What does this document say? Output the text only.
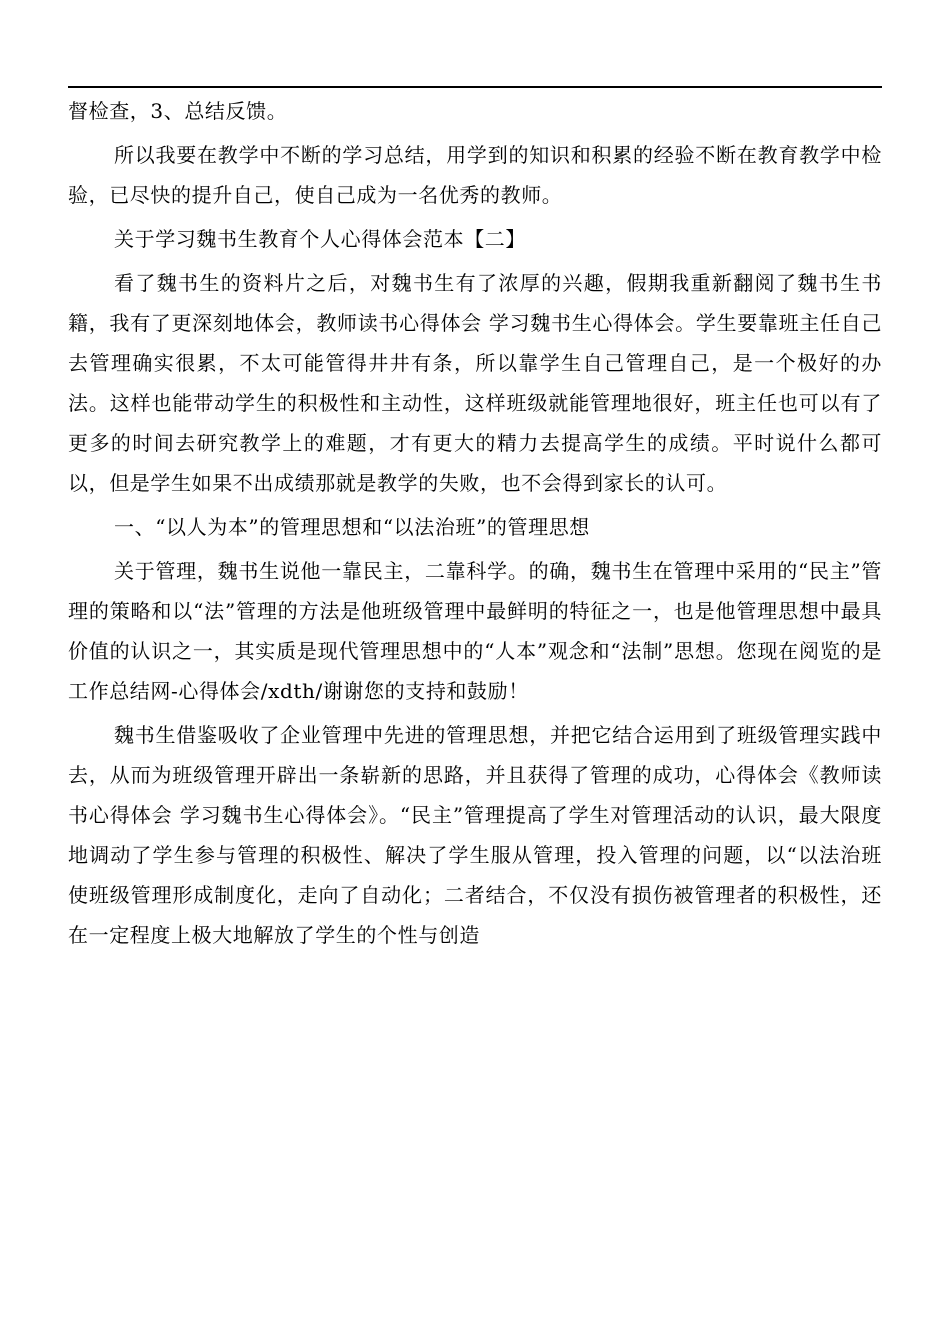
督检查，3、总结反馈。

所以我要在教学中不断的学习总结，用学到的知识和积累的经验不断在教育教学中检验，已尽快的提升自己，使自己成为一名优秀的教师。

关于学习魏书生教育个人心得体会范本【二】

看了魏书生的资料片之后，对魏书生有了浓厚的兴趣，假期我重新翻阅了魏书生书籍，我有了更深刻地体会，教师读书心得体会 学习魏书生心得体会。学生要靠班主任自己去管理确实很累，不太可能管得井井有条，所以靠学生自己管理自己，是一个极好的办法。这样也能带动学生的积极性和主动性，这样班级就能管理地很好，班主任也可以有了更多的时间去研究教学上的难题，才有更大的精力去提高学生的成绩。平时说什么都可以，但是学生如果不出成绩那就是教学的失败，也不会得到家长的认可。

一、“以人为本”的管理思想和“以法治班”的管理思想

关于管理，魏书生说他一靠民主，二靠科学。的确，魏书生在管理中采用的“民主”管理的策略和以“法”管理的方法是他班级管理中最鲜明的特征之一，也是他管理思想中最具价值的认识之一，其实质是现代管理思想中的“人本”观念和“法制”思想。您现在阅览的是工作总结网-心得体会/xdth/谢谢您的支持和鼓励！

魏书生借鉴吸收了企业管理中先进的管理思想，并把它结合运用到了班级管理实践中去，从而为班级管理开辟出一条崭新的思路，并且获得了管理的成功，心得体会《教师读书心得体会 学习魏书生心得体会》。“民主”管理提高了学生对管理活动的认识，最大限度地调动了学生参与管理的积极性、解决了学生服从管理，投入管理的问题，以“以法治班使班级管理形成制度化，走向了自动化；二者结合，不仅没有损伤被管理者的积极性，还在一定程度上极大地解放了学生的个性与创造
